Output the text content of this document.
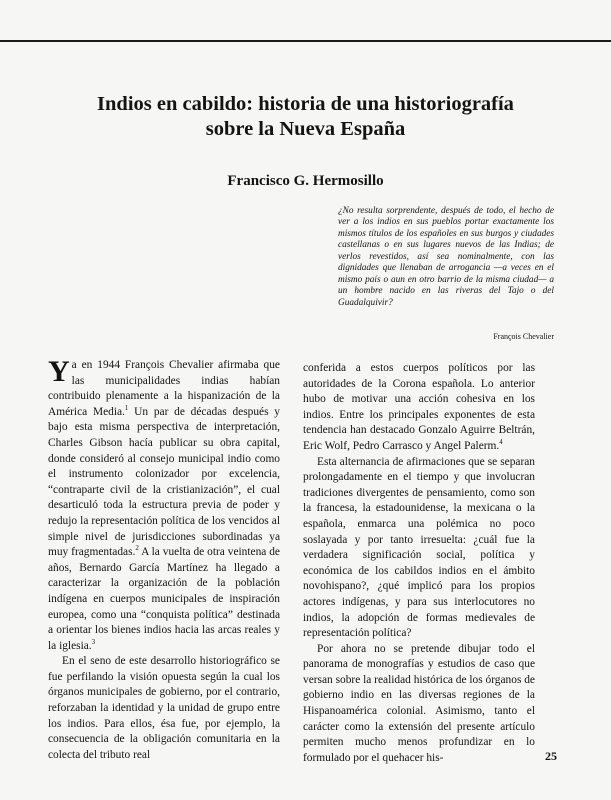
Indios en cabildo: historia de una historiografía
sobre la Nueva España
Francisco G. Hermosillo
¿No resulta sorprendente, después de todo, el hecho de ver a los indios en sus pueblos portar exactamente los mismos títulos de los españoles en sus burgos y ciudades castellanas o en sus lugares nuevos de las Indias; de verlos revestidos, así sea nominalmente, con las dignidades que llenaban de arrogancia —a veces en el mismo país o aun en otro barrio de la misma ciudad— a un hombre nacido en las riveras del Tajo o del Guadalquivir?
François Chevalier

Ya en 1944 François Chevalier afirmaba que las municipalidades indias habían contribuido plenamente a la hispanización de la América Media.$^1$ Un par de décadas después y bajo esta misma perspectiva de interpretación, Charles Gibson hacía publicar su obra capital, donde consideró al consejo municipal indio como el instrumento colonizador por excelencia, “contraparte civil de la cristianización”, el cual desarticuló toda la estructura previa de poder y redujo la representación política de los vencidos al simple nivel de jurisdicciones subordinadas ya muy fragmentadas.$^2$ A la vuelta de otra veintena de años, Bernardo García Martínez ha llegado a caracterizar la organización de la población indígena en cuerpos municipales de inspiración europea, como una “conquista política” destinada a orientar los bienes indios hacia las arcas reales y la iglesia.$^3$

En el seno de este desarrollo historiográfico se fue perfilando la visión opuesta según la cual los órganos municipales de gobierno, por el contrario, reforzaban la identidad y la unidad de grupo entre los indios. Para ellos, ésa fue, por ejemplo, la consecuencia de la obligación comunitaria en la colecta del tributo real

conferida a estos cuerpos políticos por las autoridades de la Corona española. Lo anterior hubo de motivar una acción cohesiva en los indios. Entre los principales exponentes de esta tendencia han destacado Gonzalo Aguirre Beltrán, Eric Wolf, Pedro Carrasco y Angel Palerm.$^4$

Esta alternancia de afirmaciones que se separan prolongadamente en el tiempo y que involucran tradiciones divergentes de pensamiento, como son la francesa, la estadounidense, la mexicana o la española, enmarca una polémica no poco soslayada y por tanto irresuelta: ¿cuál fue la verdadera significación social, política y económica de los cabildos indios en el ámbito novohispano?, ¿qué implicó para los propios actores indígenas, y para sus interlocutores no indios, la adopción de formas medievales de representación política?

Por ahora no se pretende dibujar todo el panorama de monografías y estudios de caso que versan sobre la realidad histórica de los órganos de gobierno indio en las diversas regiones de la Hispanoamérica colonial. Asimismo, tanto el carácter como la extensión del presente artículo permiten mucho menos profundizar en lo formulado por el quehacer his-	25
